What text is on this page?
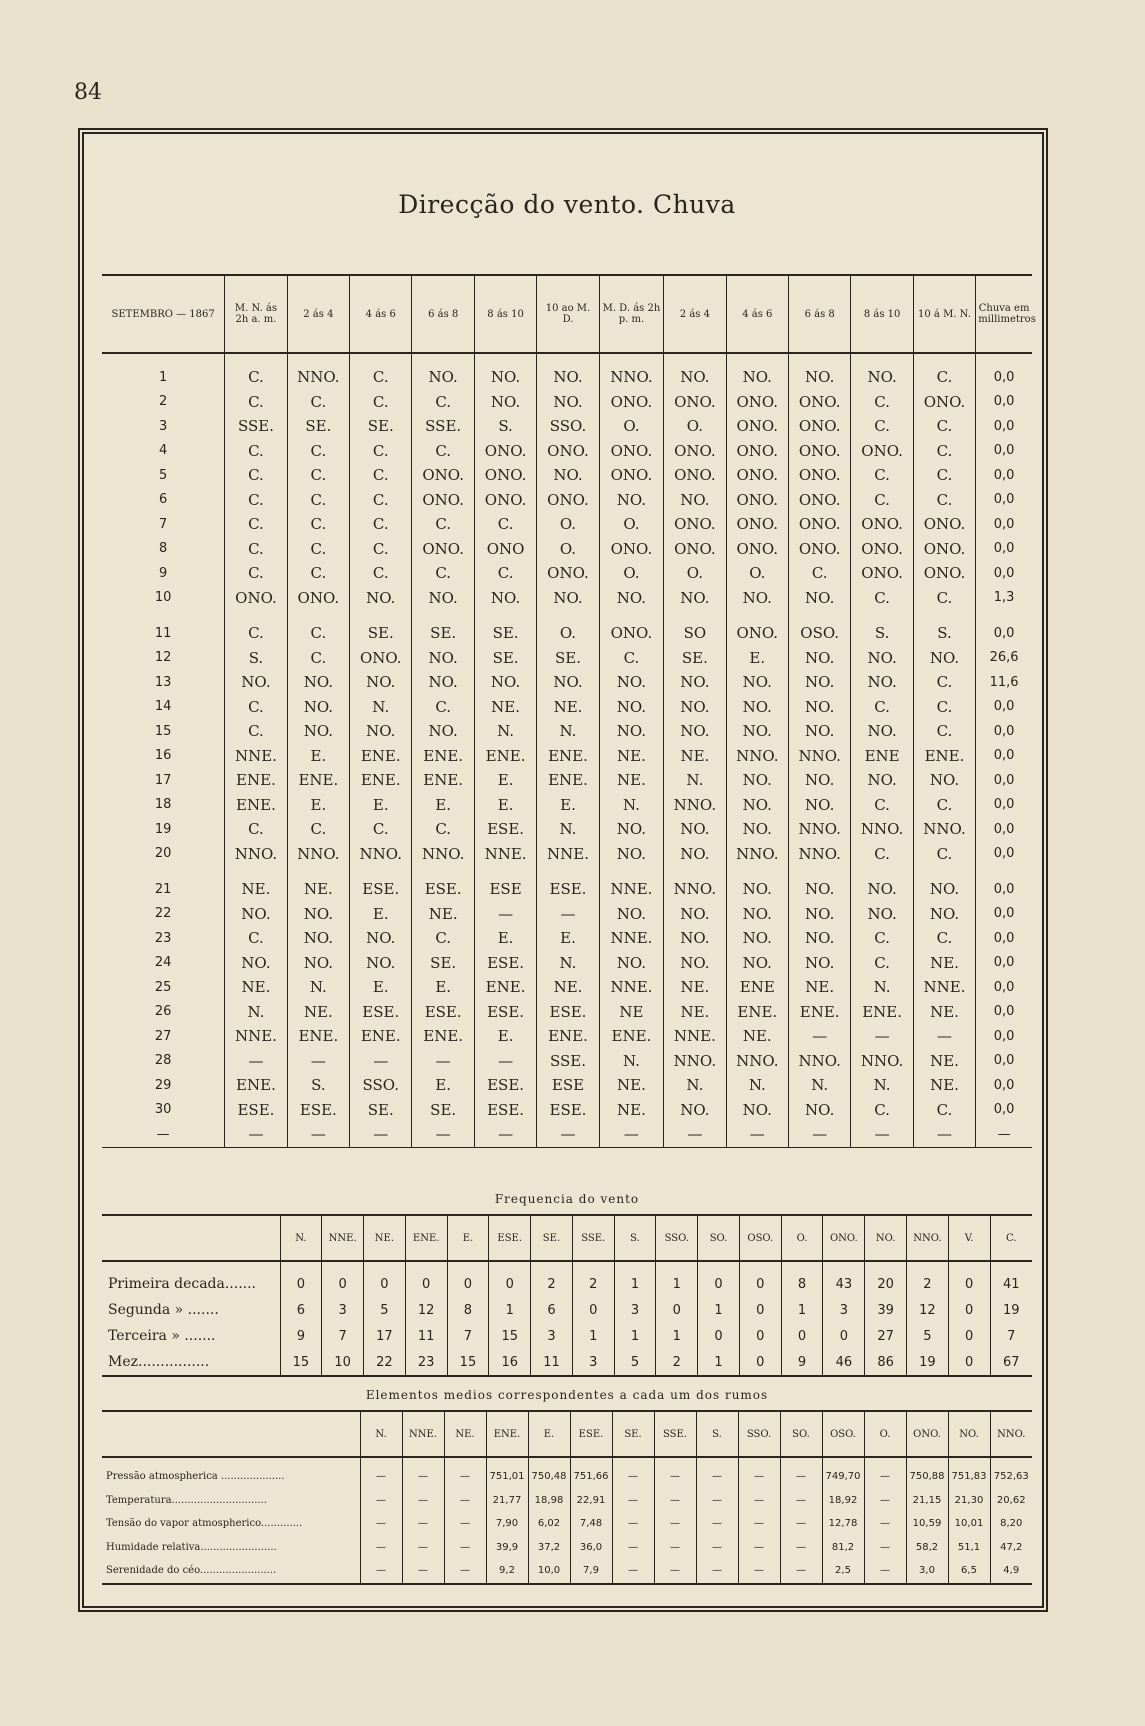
84
Direcção do vento. Chuva
SETEMBRO — 1867	M. N. ás 2h a. m.	2 ás 4	4 ás 6	6 ás 8	8 ás 10	10 ao M. D.	M. D. ás 2h p. m.	2 ás 4	4 ás 6	6 ás 8	8 ás 10	10 á M. N.	Chuva em millimetros
1	C.	NNO.	C.	NO.	NO.	NO.	NNO.	NO.	NO.	NO.	NO.	C.	0,0
2	C.	C.	C.	C.	NO.	NO.	ONO.	ONO.	ONO.	ONO.	C.	ONO.	0,0
3	SSE.	SE.	SE.	SSE.	S.	SSO.	O.	O.	ONO.	ONO.	C.	C.	0,0
4	C.	C.	C.	C.	ONO.	ONO.	ONO.	ONO.	ONO.	ONO.	ONO.	C.	0,0
5	C.	C.	C.	ONO.	ONO.	NO.	ONO.	ONO.	ONO.	ONO.	C.	C.	0,0
6	C.	C.	C.	ONO.	ONO.	ONO.	NO.	NO.	ONO.	ONO.	C.	C.	0,0
7	C.	C.	C.	C.	C.	O.	O.	ONO.	ONO.	ONO.	ONO.	ONO.	0,0
8	C.	C.	C.	ONO.	ONO	O.	ONO.	ONO.	ONO.	ONO.	ONO.	ONO.	0,0
9	C.	C.	C.	C.	C.	ONO.	O.	O.	O.	C.	ONO.	ONO.	0,0
10	ONO.	ONO.	NO.	NO.	NO.	NO.	NO.	NO.	NO.	NO.	C.	C.	1,3
11	C.	C.	SE.	SE.	SE.	O.	ONO.	SO	ONO.	OSO.	S.	S.	0,0
12	S.	C.	ONO.	NO.	SE.	SE.	C.	SE.	E.	NO.	NO.	NO.	26,6
13	NO.	NO.	NO.	NO.	NO.	NO.	NO.	NO.	NO.	NO.	NO.	C.	11,6
14	C.	NO.	N.	C.	NE.	NE.	NO.	NO.	NO.	NO.	C.	C.	0,0
15	C.	NO.	NO.	NO.	N.	N.	NO.	NO.	NO.	NO.	NO.	C.	0,0
16	NNE.	E.	ENE.	ENE.	ENE.	ENE.	NE.	NE.	NNO.	NNO.	ENE	ENE.	0,0
17	ENE.	ENE.	ENE.	ENE.	E.	ENE.	NE.	N.	NO.	NO.	NO.	NO.	0,0
18	ENE.	E.	E.	E.	E.	E.	N.	NNO.	NO.	NO.	C.	C.	0,0
19	C.	C.	C.	C.	ESE.	N.	NO.	NO.	NO.	NNO.	NNO.	NNO.	0,0
20	NNO.	NNO.	NNO.	NNO.	NNE.	NNE.	NO.	NO.	NNO.	NNO.	C.	C.	0,0
21	NE.	NE.	ESE.	ESE.	ESE	ESE.	NNE.	NNO.	NO.	NO.	NO.	NO.	0,0
22	NO.	NO.	E.	NE.	—	—	NO.	NO.	NO.	NO.	NO.	NO.	0,0
23	C.	NO.	NO.	C.	E.	E.	NNE.	NO.	NO.	NO.	C.	C.	0,0
24	NO.	NO.	NO.	SE.	ESE.	N.	NO.	NO.	NO.	NO.	C.	NE.	0,0
25	NE.	N.	E.	E.	ENE.	NE.	NNE.	NE.	ENE	NE.	N.	NNE.	0,0
26	N.	NE.	ESE.	ESE.	ESE.	ESE.	NE	NE.	ENE.	ENE.	ENE.	NE.	0,0
27	NNE.	ENE.	ENE.	ENE.	E.	ENE.	ENE.	NNE.	NE.	—	—	—	0,0
28	—	—	—	—	—	SSE.	N.	NNO.	NNO.	NNO.	NNO.	NE.	0,0
29	ENE.	S.	SSO.	E.	ESE.	ESE	NE.	N.	N.	N.	N.	NE.	0,0
30	ESE.	ESE.	SE.	SE.	ESE.	ESE.	NE.	NO.	NO.	NO.	C.	C.	0,0
—	—	—	—	—	—	—	—	—	—	—	—	—	—
Frequencia do vento
	N.	NNE.	NE.	ENE.	E.	ESE.	SE.	SSE.	S.	SSO.	SO.	OSO.	O.	ONO.	NO.	NNO.	V.	C.
Primeira decada.......	0	0	0	0	0	0	2	2	1	1	0	0	8	43	20	2	0	41
Segunda » .......	6	3	5	12	8	1	6	0	3	0	1	0	1	3	39	12	0	19
Terceira » .......	9	7	17	11	7	15	3	1	1	1	0	0	0	0	27	5	0	7
Mez................	15	10	22	23	15	16	11	3	5	2	1	0	9	46	86	19	0	67
Elementos medios correspondentes a cada um dos rumos
	N.	NNE.	NE.	ENE.	E.	ESE.	SE.	SSE.	S.	SSO.	SO.	OSO.	O.	ONO.	NO.	NNO.
Pressão atmospherica ....................	—	—	—	751,01	750,48	751,66	—	—	—	—	—	749,70	—	750,88	751,83	752,63
Temperatura..............................	—	—	—	21,77	18,98	22,91	—	—	—	—	—	18,92	—	21,15	21,30	20,62
Tensão do vapor atmospherico.............	—	—	—	7,90	6,02	7,48	—	—	—	—	—	12,78	—	10,59	10,01	8,20
Humidade relativa........................	—	—	—	39,9	37,2	36,0	—	—	—	—	—	81,2	—	58,2	51,1	47,2
Serenidade do céo........................	—	—	—	9,2	10,0	7,9	—	—	—	—	—	2,5	—	3,0	6,5	4,9
